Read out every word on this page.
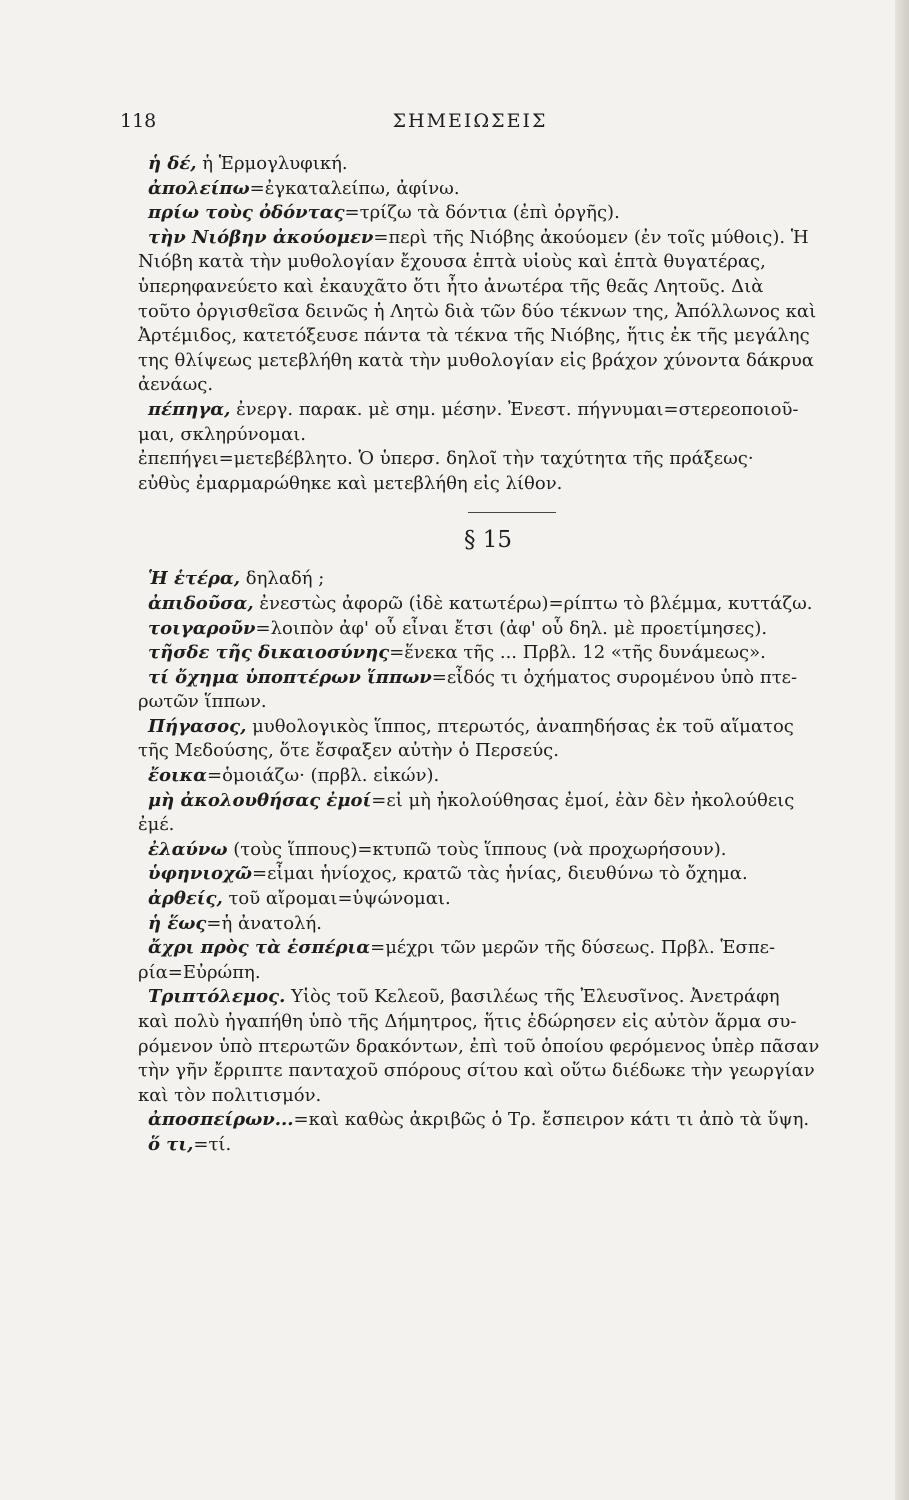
118	ΣΗΜΕΙΩΣΕΙΣ
ἡ δέ, ἡ Ἑρμογλυφική.
ἀπολείπω=ἐγκαταλείπω, ἀφίνω.
πρίω τοὺς ὀδόντας=τρίζω τὰ δόντια (ἐπὶ ὀργῆς).
τὴν Νιόβην ἀκούομεν=περὶ τῆς Νιόβης ἀκούομεν (ἐν τοῖς μύθοις). Ἡ
Νιόβη κατὰ τὴν μυθολογίαν ἔχουσα ἑπτὰ υἱοὺς καὶ ἑπτὰ θυγατέρας,
ὑπερηφανεύετο καὶ ἐκαυχᾶτο ὅτι ἦτο ἀνωτέρα τῆς θεᾶς Λητοῦς. Διὰ
τοῦτο ὀργισθεῖσα δεινῶς ἡ Λητὼ διὰ τῶν δύο τέκνων της, Ἀπόλλωνος καὶ
Ἀρτέμιδος, κατετόξευσε πάντα τὰ τέκνα τῆς Νιόβης, ἥτις ἐκ τῆς μεγάλης
της θλίψεως μετεβλήθη κατὰ τὴν μυθολογίαν εἰς βράχον χύνοντα δάκρυα
ἀενάως.
πέπηγα, ἐνεργ. παρακ. μὲ σημ. μέσην. Ἐνεστ. πήγνυμαι=στερεοποιοῦ-
μαι, σκληρύνομαι.
ἐπεπήγει=μετεβέβλητο. Ὁ ὑπερσ. δηλοῖ τὴν ταχύτητα τῆς πράξεως·
εὐθὺς ἐμαρμαρώθηκε καὶ μετεβλήθη εἰς λίθον.
§ 15
Ἡ ἑτέρα, δηλαδή ;
ἀπιδοῦσα, ἐνεστὼς ἀφορῶ (ἰδὲ κατωτέρω)=ρίπτω τὸ βλέμμα, κυττάζω.
τοιγαροῦν=λοιπὸν ἀφ' οὗ εἶναι ἔτσι (ἀφ' οὗ δηλ. μὲ προετίμησες).
τῆσδε τῆς δικαιοσύνης=ἕνεκα τῆς ... Πρβλ. 12 «τῆς δυνάμεως».
τί ὄχημα ὑποπτέρων ἵππων=εἶδός τι ὀχήματος συρομένου ὑπὸ πτε-
ρωτῶν ἵππων.
Πήγασος, μυθολογικὸς ἵππος, πτερωτός, ἀναπηδήσας ἐκ τοῦ αἵματος
τῆς Μεδούσης, ὅτε ἔσφαξεν αὐτὴν ὁ Περσεύς.
ἔοικα=ὁμοιάζω· (πρβλ. εἰκών).
μὴ ἀκολουθήσας ἐμοί=εἰ μὴ ἠκολούθησας ἐμοί, ἐὰν δὲν ἠκολούθεις
ἐμέ.
ἐλαύνω (τοὺς ἵππους)=κτυπῶ τοὺς ἵππους (νὰ προχωρήσουν).
ὑφηνιοχῶ=εἶμαι ἡνίοχος, κρατῶ τὰς ἡνίας, διευθύνω τὸ ὄχημα.
ἀρθείς, τοῦ αἴρομαι=ὑψώνομαι.
ἡ ἕως=ἡ ἀνατολή.
ἄχρι πρὸς τὰ ἑσπέρια=μέχρι τῶν μερῶν τῆς δύσεως. Πρβλ. Ἑσπε-
ρία=Εὐρώπη.
Τριπτόλεμος. Υἱὸς τοῦ Κελεοῦ, βασιλέως τῆς Ἐλευσῖνος. Ἀνετράφη
καὶ πολὺ ἠγαπήθη ὑπὸ τῆς Δήμητρος, ἥτις ἐδώρησεν εἰς αὐτὸν ἅρμα συ-
ρόμενον ὑπὸ πτερωτῶν δρακόντων, ἐπὶ τοῦ ὁποίου φερόμενος ὑπὲρ πᾶσαν
τὴν γῆν ἔρριπτε πανταχοῦ σπόρους σίτου καὶ οὕτω διέδωκε τὴν γεωργίαν
καὶ τὸν πολιτισμόν.
ἀποσπείρων...=καὶ καθὼς ἀκριβῶς ὁ Τρ. ἔσπειρον κάτι τι ἀπὸ τὰ ὕψη.
ὅ τι,=τί.
